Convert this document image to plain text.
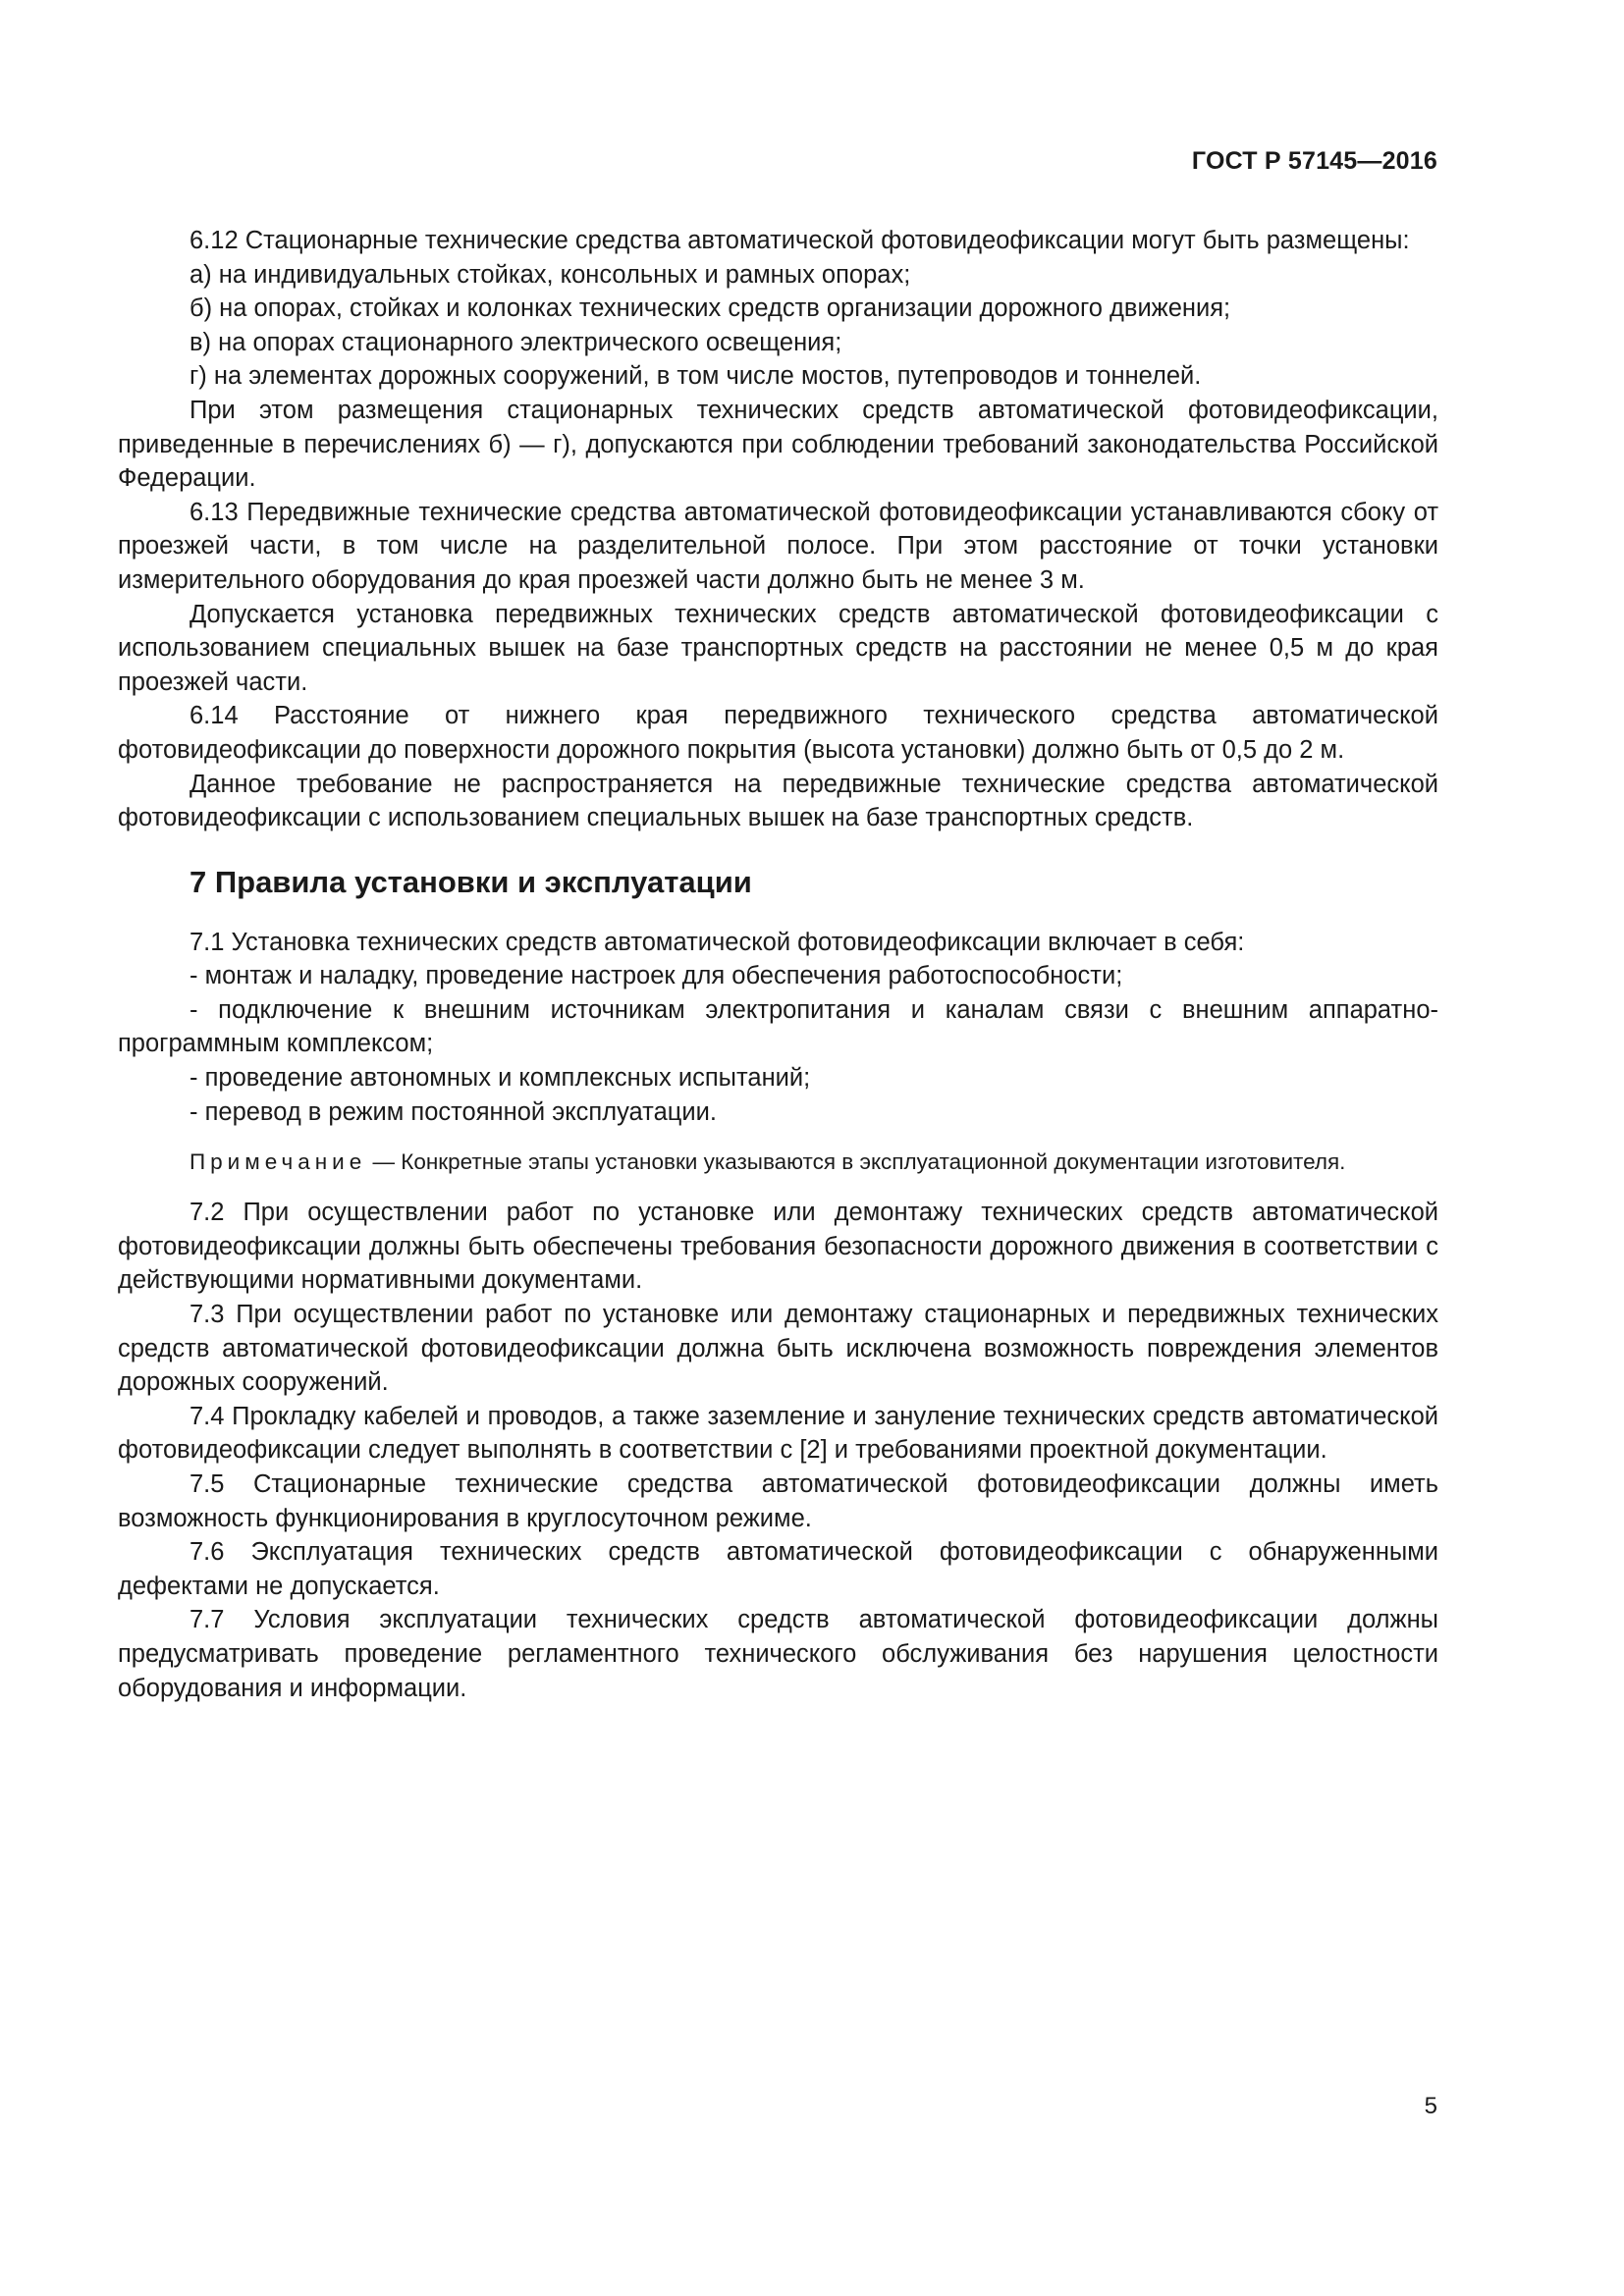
ГОСТ Р 57145—2016

6.12 Стационарные технические средства автоматической фотовидеофиксации могут быть размещены:

а) на индивидуальных стойках, консольных и рамных опорах;

б) на опорах, стойках и колонках технических средств организации дорожного движения;

в) на опорах стационарного электрического освещения;

г) на элементах дорожных сооружений, в том числе мостов, путепроводов и тоннелей.

При этом размещения стационарных технических средств автоматической фотовидеофиксации, приведенные в перечислениях б) — г), допускаются при соблюдении требований законодательства Российской Федерации.

6.13 Передвижные технические средства автоматической фотовидеофиксации устанавливаются сбоку от проезжей части, в том числе на разделительной полосе. При этом расстояние от точки установки измерительного оборудования до края проезжей части должно быть не менее 3 м.

Допускается установка передвижных технических средств автоматической фотовидеофиксации с использованием специальных вышек на базе транспортных средств на расстоянии не менее 0,5 м до края проезжей части.

6.14 Расстояние от нижнего края передвижного технического средства автоматической фотовидеофиксации до поверхности дорожного покрытия (высота установки) должно быть от 0,5 до 2 м.

Данное требование не распространяется на передвижные технические средства автоматической фотовидеофиксации с использованием специальных вышек на базе транспортных средств.

7 Правила установки и эксплуатации

7.1 Установка технических средств автоматической фотовидеофиксации включает в себя:

- монтаж и наладку, проведение настроек для обеспечения работоспособности;

- подключение к внешним источникам электропитания и каналам связи с внешним аппаратно-программным комплексом;

- проведение автономных и комплексных испытаний;

- перевод в режим постоянной эксплуатации.

Примечание — Конкретные этапы установки указываются в эксплуатационной документации изготовителя.

7.2 При осуществлении работ по установке или демонтажу технических средств автоматической фотовидеофиксации должны быть обеспечены требования безопасности дорожного движения в соответствии с действующими нормативными документами.

7.3 При осуществлении работ по установке или демонтажу стационарных и передвижных технических средств автоматической фотовидеофиксации должна быть исключена возможность повреждения элементов дорожных сооружений.

7.4 Прокладку кабелей и проводов, а также заземление и зануление технических средств автоматической фотовидеофиксации следует выполнять в соответствии с [2] и требованиями проектной документации.

7.5 Стационарные технические средства автоматической фотовидеофиксации должны иметь возможность функционирования в круглосуточном режиме.

7.6 Эксплуатация технических средств автоматической фотовидеофиксации с обнаруженными дефектами не допускается.

7.7 Условия эксплуатации технических средств автоматической фотовидеофиксации должны предусматривать проведение регламентного технического обслуживания без нарушения целостности оборудования и информации.

5
